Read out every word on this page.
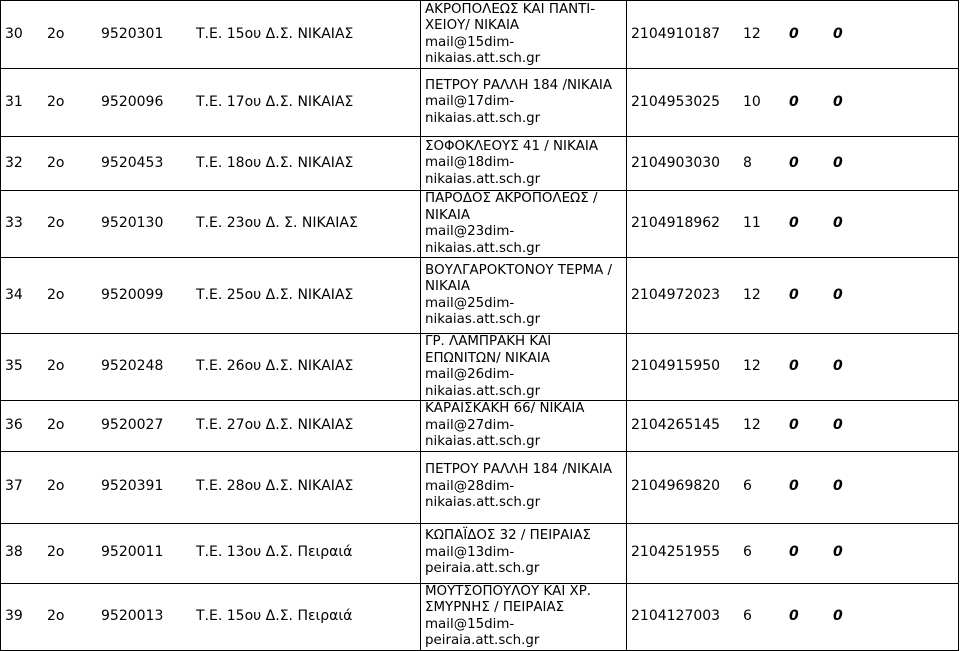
30 2ο 9520301 Τ.Ε. 15ου Δ.Σ. ΝΙΚΑΙΑΣ	ΑΚΡΟΠΟΛΕΩΣ ΚΑΙ ΠΑΝΤΙ-
ΧΕΙΟΥ/ ΝΙΚΑΙΑ
mail@15dim-
nikaias.att.sch.gr	2104910187 12 0 0
31 2ο 9520096 Τ.Ε. 17ου Δ.Σ. ΝΙΚΑΙΑΣ	ΠΕΤΡΟΥ ΡΑΛΛΗ 184 /ΝΙΚΑΙΑ
mail@17dim-
nikaias.att.sch.gr	2104953025 10 0 0
32 2ο 9520453 Τ.Ε. 18ου Δ.Σ. ΝΙΚΑΙΑΣ	ΣΟΦΟΚΛΕΟΥΣ 41 / ΝΙΚΑΙΑ
mail@18dim-
nikaias.att.sch.gr	2104903030 8 0 0
33 2ο 9520130 Τ.Ε. 23ου Δ. Σ. ΝΙΚΑΙΑΣ	ΠΑΡΟΔΟΣ ΑΚΡΟΠΟΛΕΩΣ /
ΝΙΚΑΙΑ
mail@23dim-
nikaias.att.sch.gr	2104918962 11 0 0
34 2ο 9520099 Τ.Ε. 25ου Δ.Σ. ΝΙΚΑΙΑΣ	ΒΟΥΛΓΑΡΟΚΤΟΝΟΥ ΤΕΡΜΑ /
ΝΙΚΑΙΑ
mail@25dim-
nikaias.att.sch.gr	2104972023 12 0 0
35 2ο 9520248 Τ.Ε. 26ου Δ.Σ. ΝΙΚΑΙΑΣ	ΓΡ. ΛΑΜΠΡΑΚΗ ΚΑΙ
ΕΠΩΝΙΤΩΝ/ ΝΙΚΑΙΑ
mail@26dim-
nikaias.att.sch.gr	2104915950 12 0 0
36 2ο 9520027 Τ.Ε. 27ου Δ.Σ. ΝΙΚΑΙΑΣ	ΚΑΡΑΪΣΚΑΚΗ 66/ ΝΙΚΑΙΑ
mail@27dim-
nikaias.att.sch.gr	2104265145 12 0 0
37 2ο 9520391 Τ.Ε. 28ου Δ.Σ. ΝΙΚΑΙΑΣ	ΠΕΤΡΟΥ ΡΑΛΛΗ 184 /ΝΙΚΑΙΑ
mail@28dim-
nikaias.att.sch.gr	2104969820 6 0 0
38 2ο 9520011 Τ.Ε. 13ου Δ.Σ. Πειραιά	ΚΩΠΑΪΔΟΣ 32 / ΠΕΙΡΑΙΑΣ
mail@13dim-
peiraia.att.sch.gr	2104251955 6 0 0
39 2ο 9520013 Τ.Ε. 15ου Δ.Σ. Πειραιά	ΜΟΥΤΣΟΠΟΥΛΟΥ ΚΑΙ ΧΡ.
ΣΜΥΡΝΗΣ / ΠΕΙΡΑΙΑΣ
mail@15dim-
peiraia.att.sch.gr	2104127003 6 0 0
